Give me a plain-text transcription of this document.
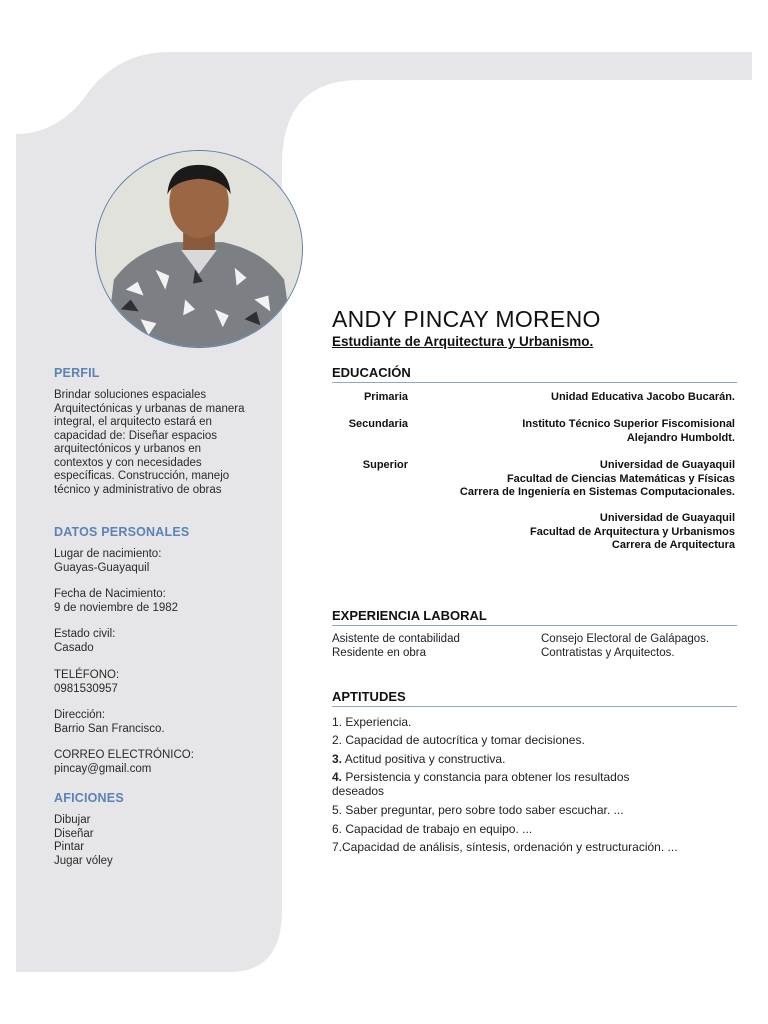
PERFIL

Brindar soluciones espaciales

Arquitectónicas y urbanas de manera

integral, el arquitecto estará en

capacidad de: Diseñar espacios

arquitectónicos y urbanos en

contextos y con necesidades

específicas. Construcción, manejo

técnico y administrativo de obras

DATOS PERSONALES

Lugar de nacimiento:

Guayas-Guayaquil

Fecha de Nacimiento:

9 de noviembre de 1982

Estado civil:

Casado

TELÉFONO:

0981530957

Dirección:

Barrio San Francisco.

CORREO ELECTRÓNICO:

pincay@gmail.com

AFICIONES

Dibujar

Diseñar

Pintar

Jugar vóley

ANDY PINCAY MORENO
Estudiante de Arquitectura y Urbanismo.
EDUCACIÓN
Primaria	Unidad Educativa Jacobo Bucarán.
Secundaria	Instituto Técnico Superior Fiscomisional
Alejandro Humboldt.
Superior	Universidad de Guayaquil
Facultad de Ciencias Matemáticas y Físicas
Carrera de Ingeniería en Sistemas Computacionales.
Universidad de Guayaquil
Facultad de Arquitectura y Urbanismos
Carrera de Arquitectura
EXPERIENCIA LABORAL
Asistente de contabilidad	Consejo Electoral de Galápagos.
Residente en obra	Contratistas y Arquitectos.
APTITUDES
1. Experiencia.
2. Capacidad de autocrítica y tomar decisiones.
3. Actitud positiva y constructiva.
4. Persistencia y constancia para obtener los resultados
deseados
5. Saber preguntar, pero sobre todo saber escuchar. ...
6. Capacidad de trabajo en equipo. ...
7.Capacidad de análisis, síntesis, ordenación y estructuración. ...
